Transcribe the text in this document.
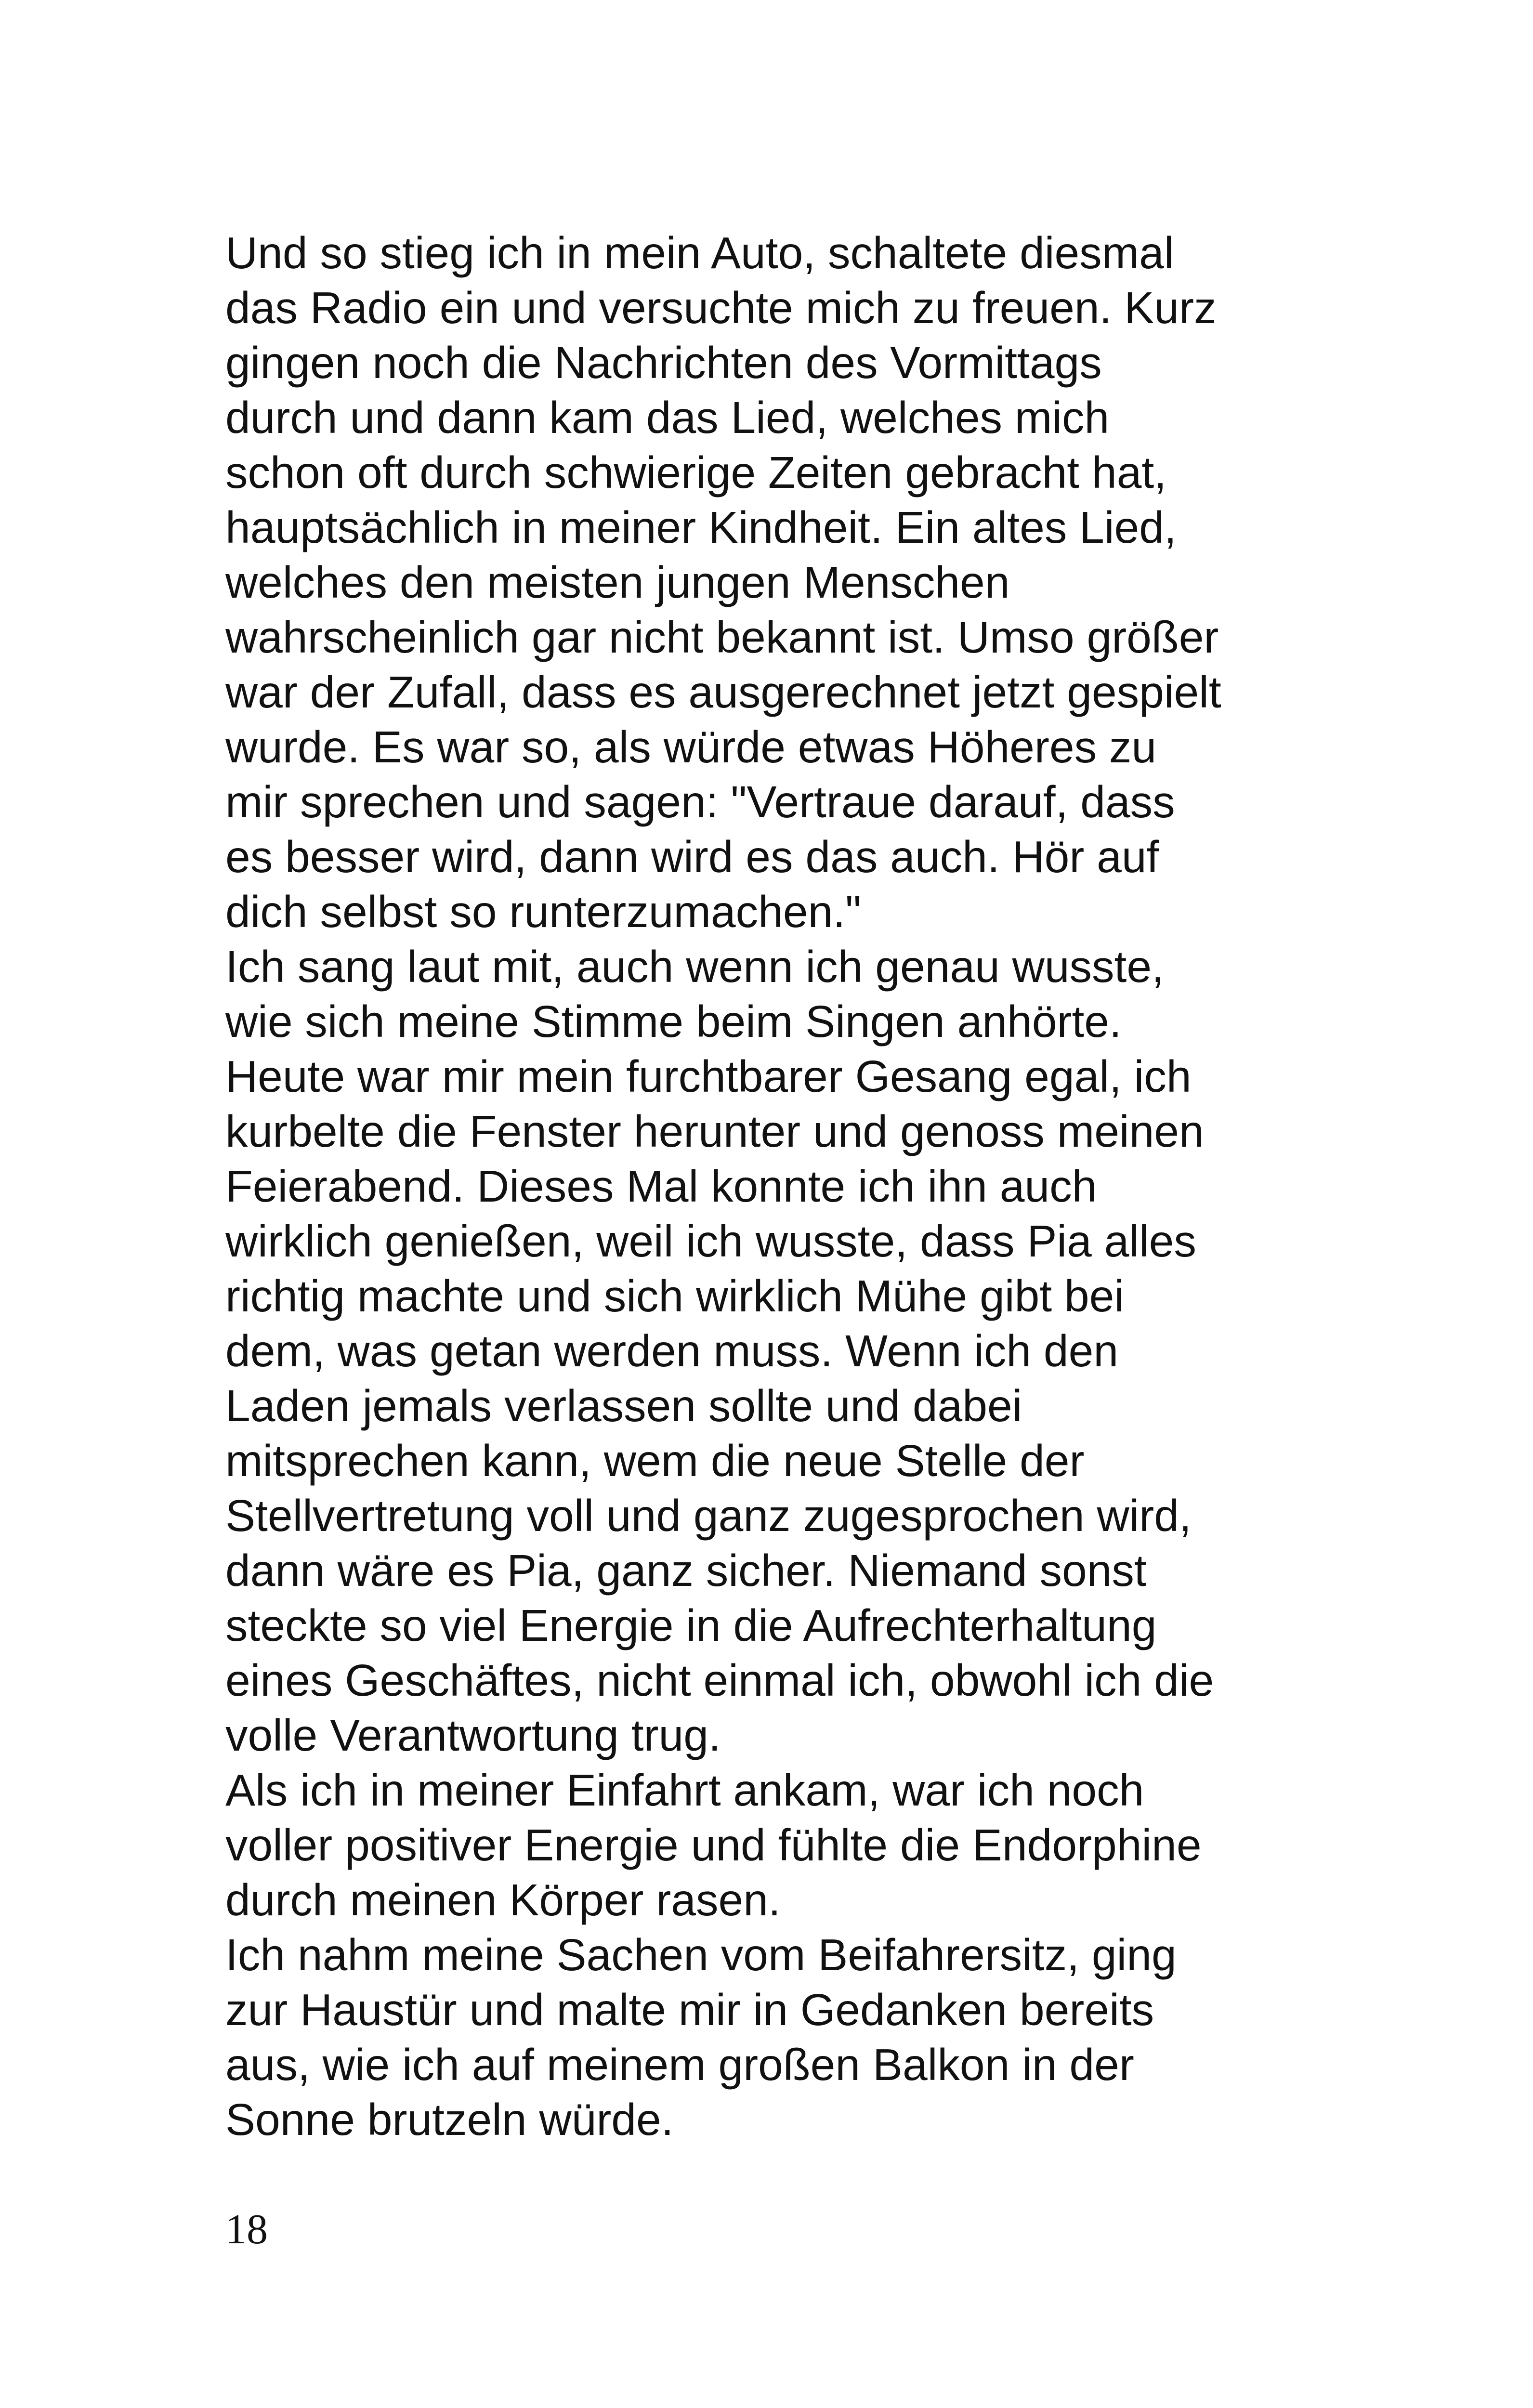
Und so stieg ich in mein Auto, schaltete diesmal
das Radio ein und versuchte mich zu freuen. Kurz
gingen noch die Nachrichten des Vormittags
durch und dann kam das Lied, welches mich
schon oft durch schwierige Zeiten gebracht hat,
hauptsächlich in meiner Kindheit. Ein altes Lied,
welches den meisten jungen Menschen
wahrscheinlich gar nicht bekannt ist. Umso größer
war der Zufall, dass es ausgerechnet jetzt gespielt
wurde. Es war so, als würde etwas Höheres zu
mir sprechen und sagen: "Vertraue darauf, dass
es besser wird, dann wird es das auch. Hör auf
dich selbst so runterzumachen."
Ich sang laut mit, auch wenn ich genau wusste,
wie sich meine Stimme beim Singen anhörte.
Heute war mir mein furchtbarer Gesang egal, ich
kurbelte die Fenster herunter und genoss meinen
Feierabend. Dieses Mal konnte ich ihn auch
wirklich genießen, weil ich wusste, dass Pia alles
richtig machte und sich wirklich Mühe gibt bei
dem, was getan werden muss. Wenn ich den
Laden jemals verlassen sollte und dabei
mitsprechen kann, wem die neue Stelle der
Stellvertretung voll und ganz zugesprochen wird,
dann wäre es Pia, ganz sicher. Niemand sonst
steckte so viel Energie in die Aufrechterhaltung
eines Geschäftes, nicht einmal ich, obwohl ich die
volle Verantwortung trug.
Als ich in meiner Einfahrt ankam, war ich noch
voller positiver Energie und fühlte die Endorphine
durch meinen Körper rasen.
Ich nahm meine Sachen vom Beifahrersitz, ging
zur Haustür und malte mir in Gedanken bereits
aus, wie ich auf meinem großen Balkon in der
Sonne brutzeln würde.
18
